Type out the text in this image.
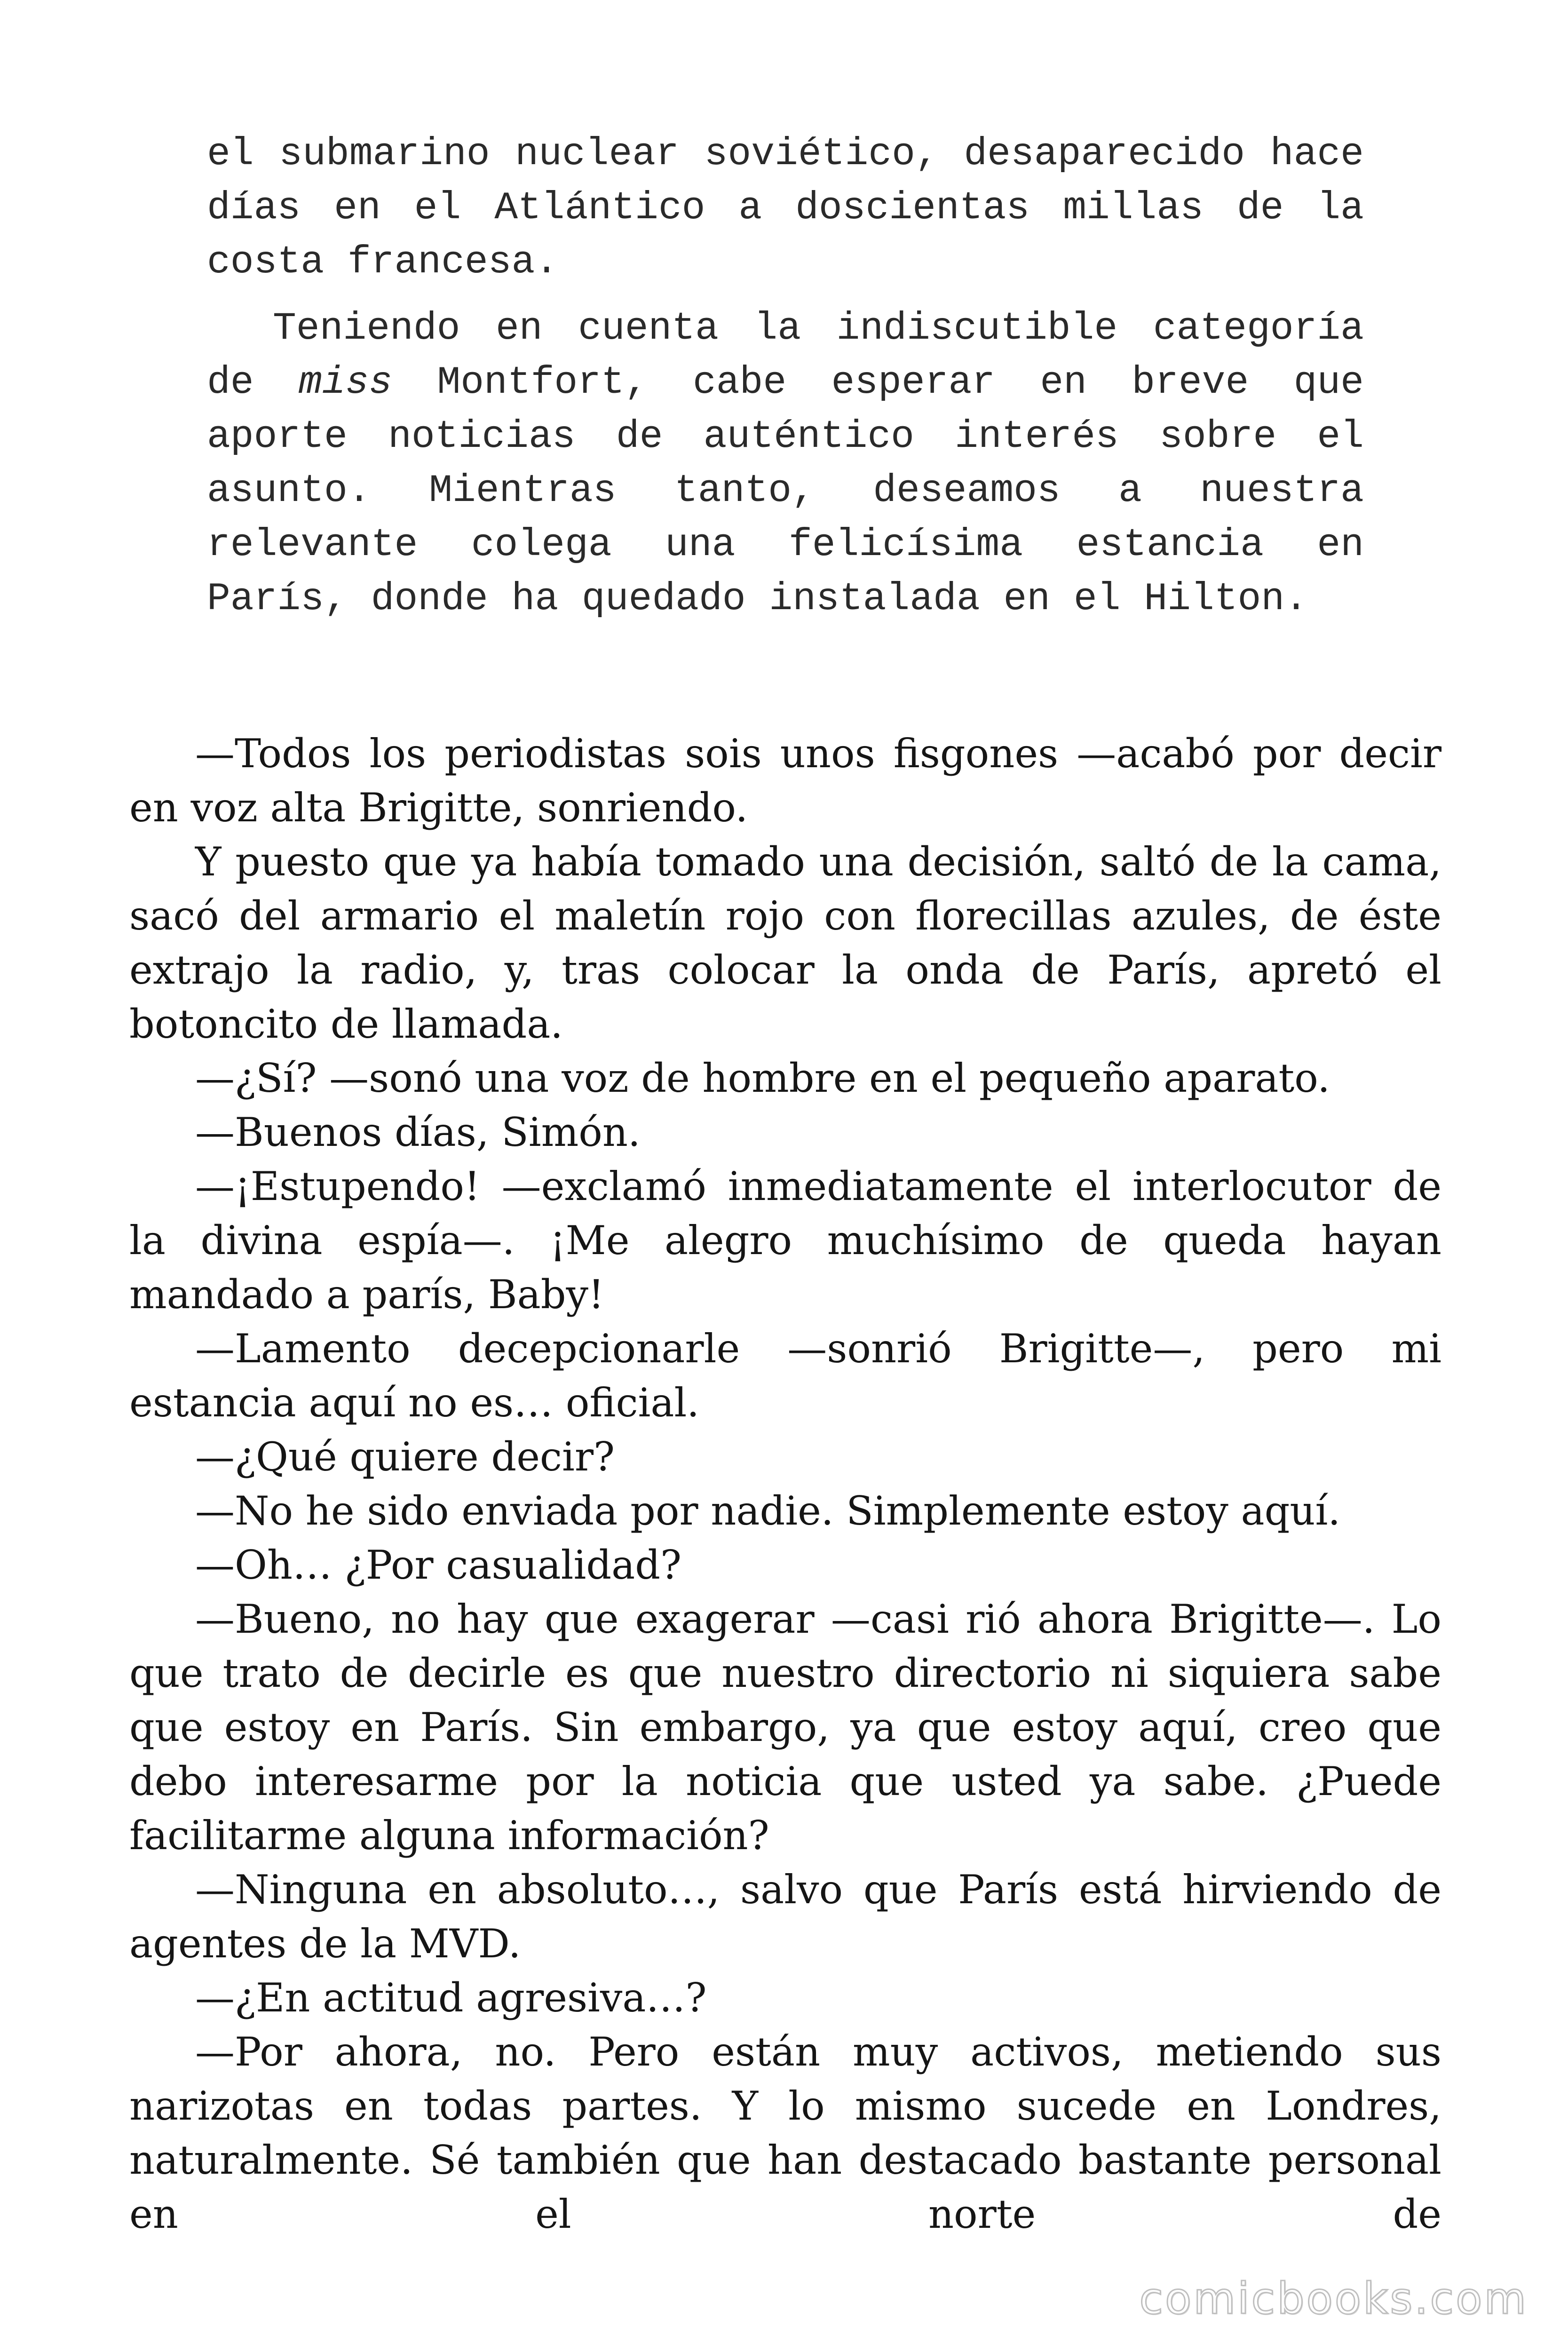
el submarino nuclear soviético, desaparecido hace días en el Atlántico a doscientas millas de la costa francesa.

Teniendo en cuenta la indiscutible categoría de miss Montfort, cabe esperar en breve que aporte noticias de auténtico interés sobre el asunto. Mientras tanto, deseamos a nuestra relevante colega una felicísima estancia en París, donde ha quedado instalada en el Hilton.

—Todos los periodistas sois unos fisgones —acabó por decir en voz alta Brigitte, sonriendo.

Y puesto que ya había tomado una decisión, saltó de la cama, sacó del armario el maletín rojo con florecillas azules, de éste extrajo la radio, y, tras colocar la onda de París, apretó el botoncito de llamada.

—¿Sí? —sonó una voz de hombre en el pequeño aparato.

—Buenos días, Simón.

—¡Estupendo! —exclamó inmediatamente el interlocutor de la divina espía—. ¡Me alegro muchísimo de queda hayan mandado a parís, Baby!

—Lamento decepcionarle —sonrió Brigitte—, pero mi estancia aquí no es… oficial.

—¿Qué quiere decir?

—No he sido enviada por nadie. Simplemente estoy aquí.

—Oh… ¿Por casualidad?

—Bueno, no hay que exagerar —casi rió ahora Brigitte—. Lo que trato de decirle es que nuestro directorio ni siquiera sabe que estoy en París. Sin embargo, ya que estoy aquí, creo que debo interesarme por la noticia que usted ya sabe. ¿Puede facilitarme alguna información?

—Ninguna en absoluto…, salvo que París está hirviendo de agentes de la MVD.

—¿En actitud agresiva…?

—Por ahora, no. Pero están muy activos, metiendo sus narizotas en todas partes. Y lo mismo sucede en Londres, naturalmente. Sé también que han destacado bastante personal en el norte de

comicbooks.com
